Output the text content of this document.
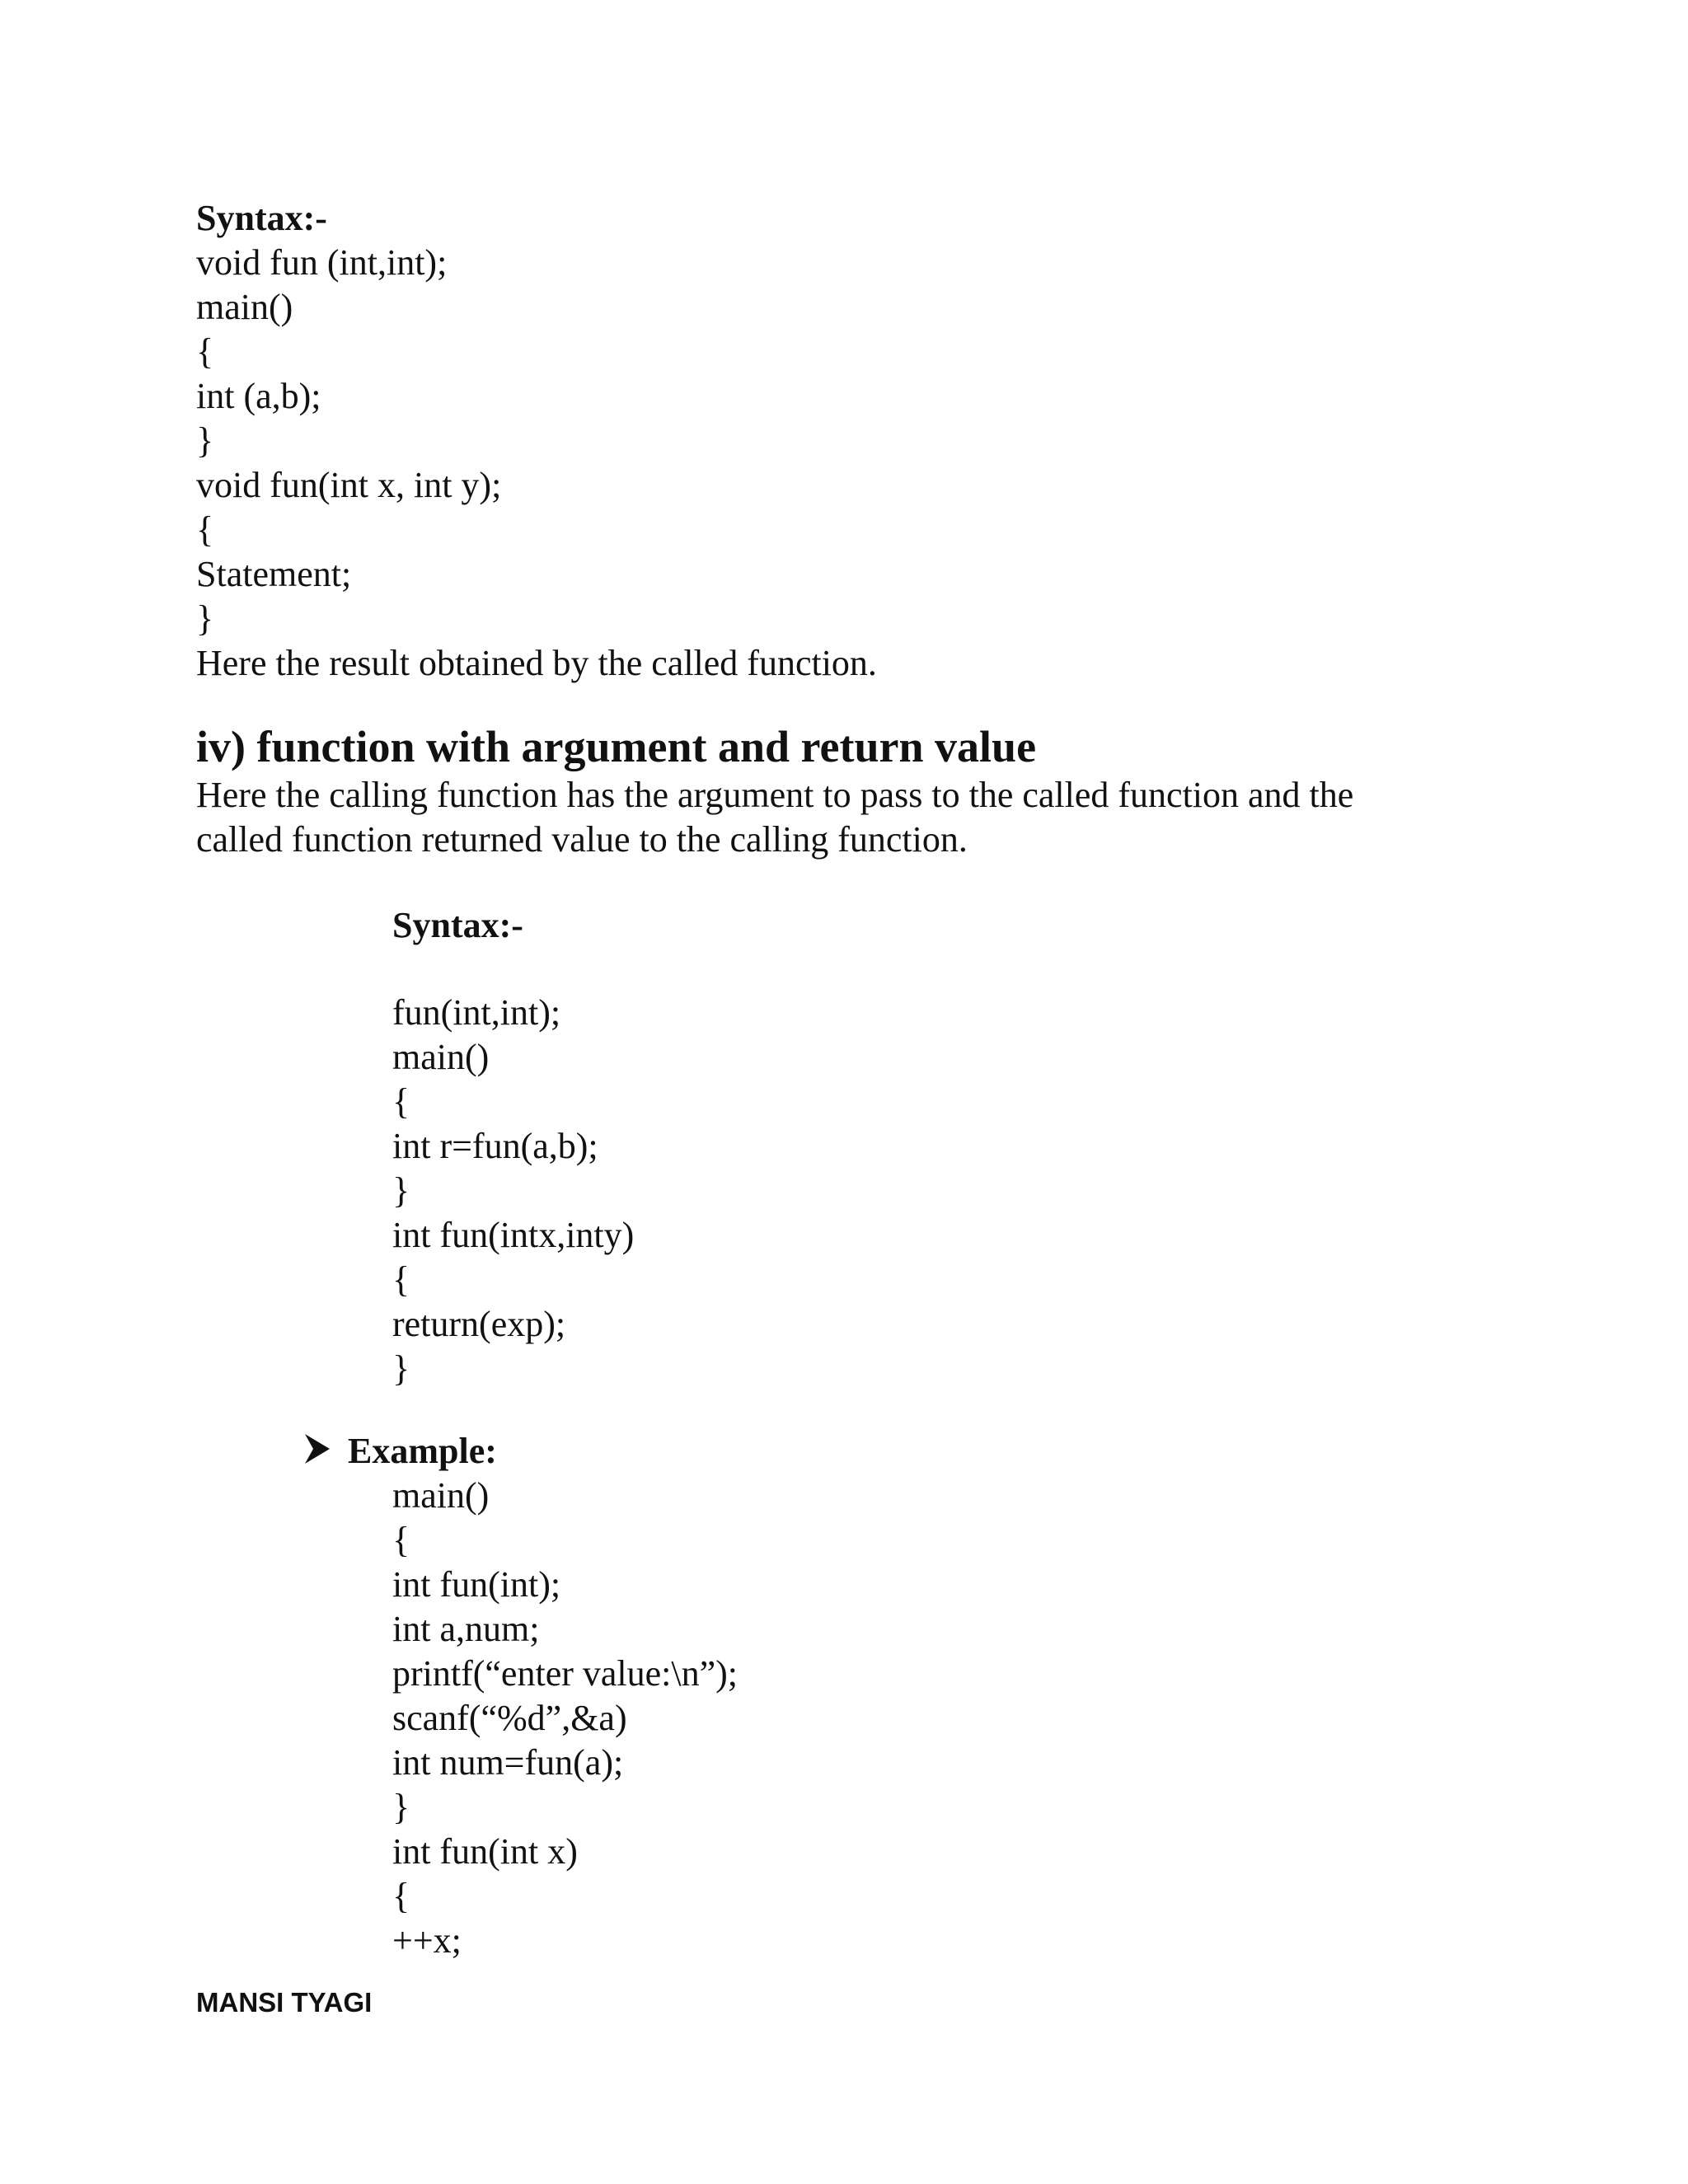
Syntax:-

void fun (int,int);

main()

{

int (a,b);

}

void fun(int x, int y);

{

Statement;

}

Here the result obtained by the called function.

iv) function with argument and return value
Here the calling function has the argument to pass to the called function and the
called function returned value to the calling function.

Syntax:-

fun(int,int);

main()

{

int r=fun(a,b);

}

int fun(intx,inty)

{

return(exp);

}

Example:

main()

{

int fun(int);

int a,num;

printf(“enter value:\n”);

scanf(“%d”,&a)

int num=fun(a);

}

int fun(int x)

{

++x;

MANSI TYAGI
